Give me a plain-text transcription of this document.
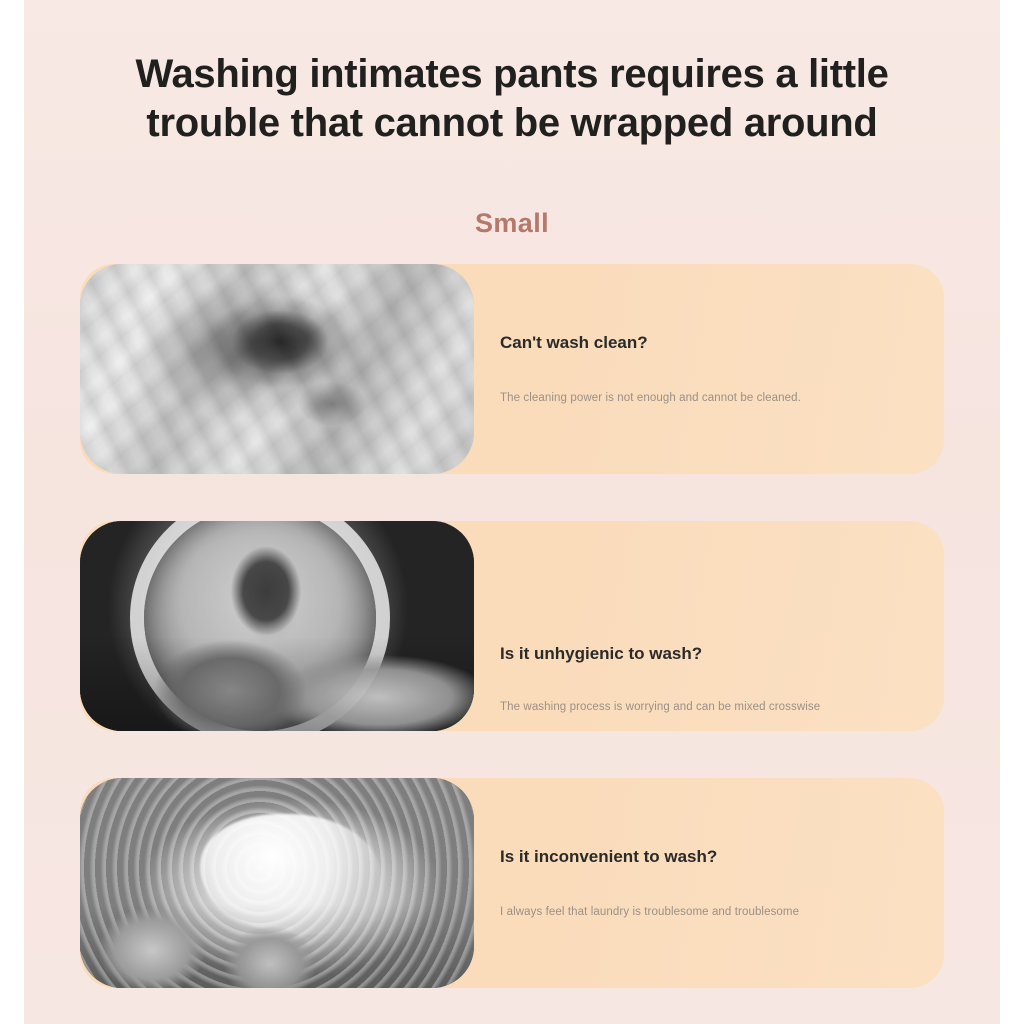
Washing intimates pants requires a little
trouble that cannot be wrapped around
Small
Can't wash clean?
The cleaning power is not enough and cannot be cleaned.
Is it unhygienic to wash?
The washing process is worrying and can be mixed crosswise
Is it inconvenient to wash?
I always feel that laundry is troublesome and troublesome
